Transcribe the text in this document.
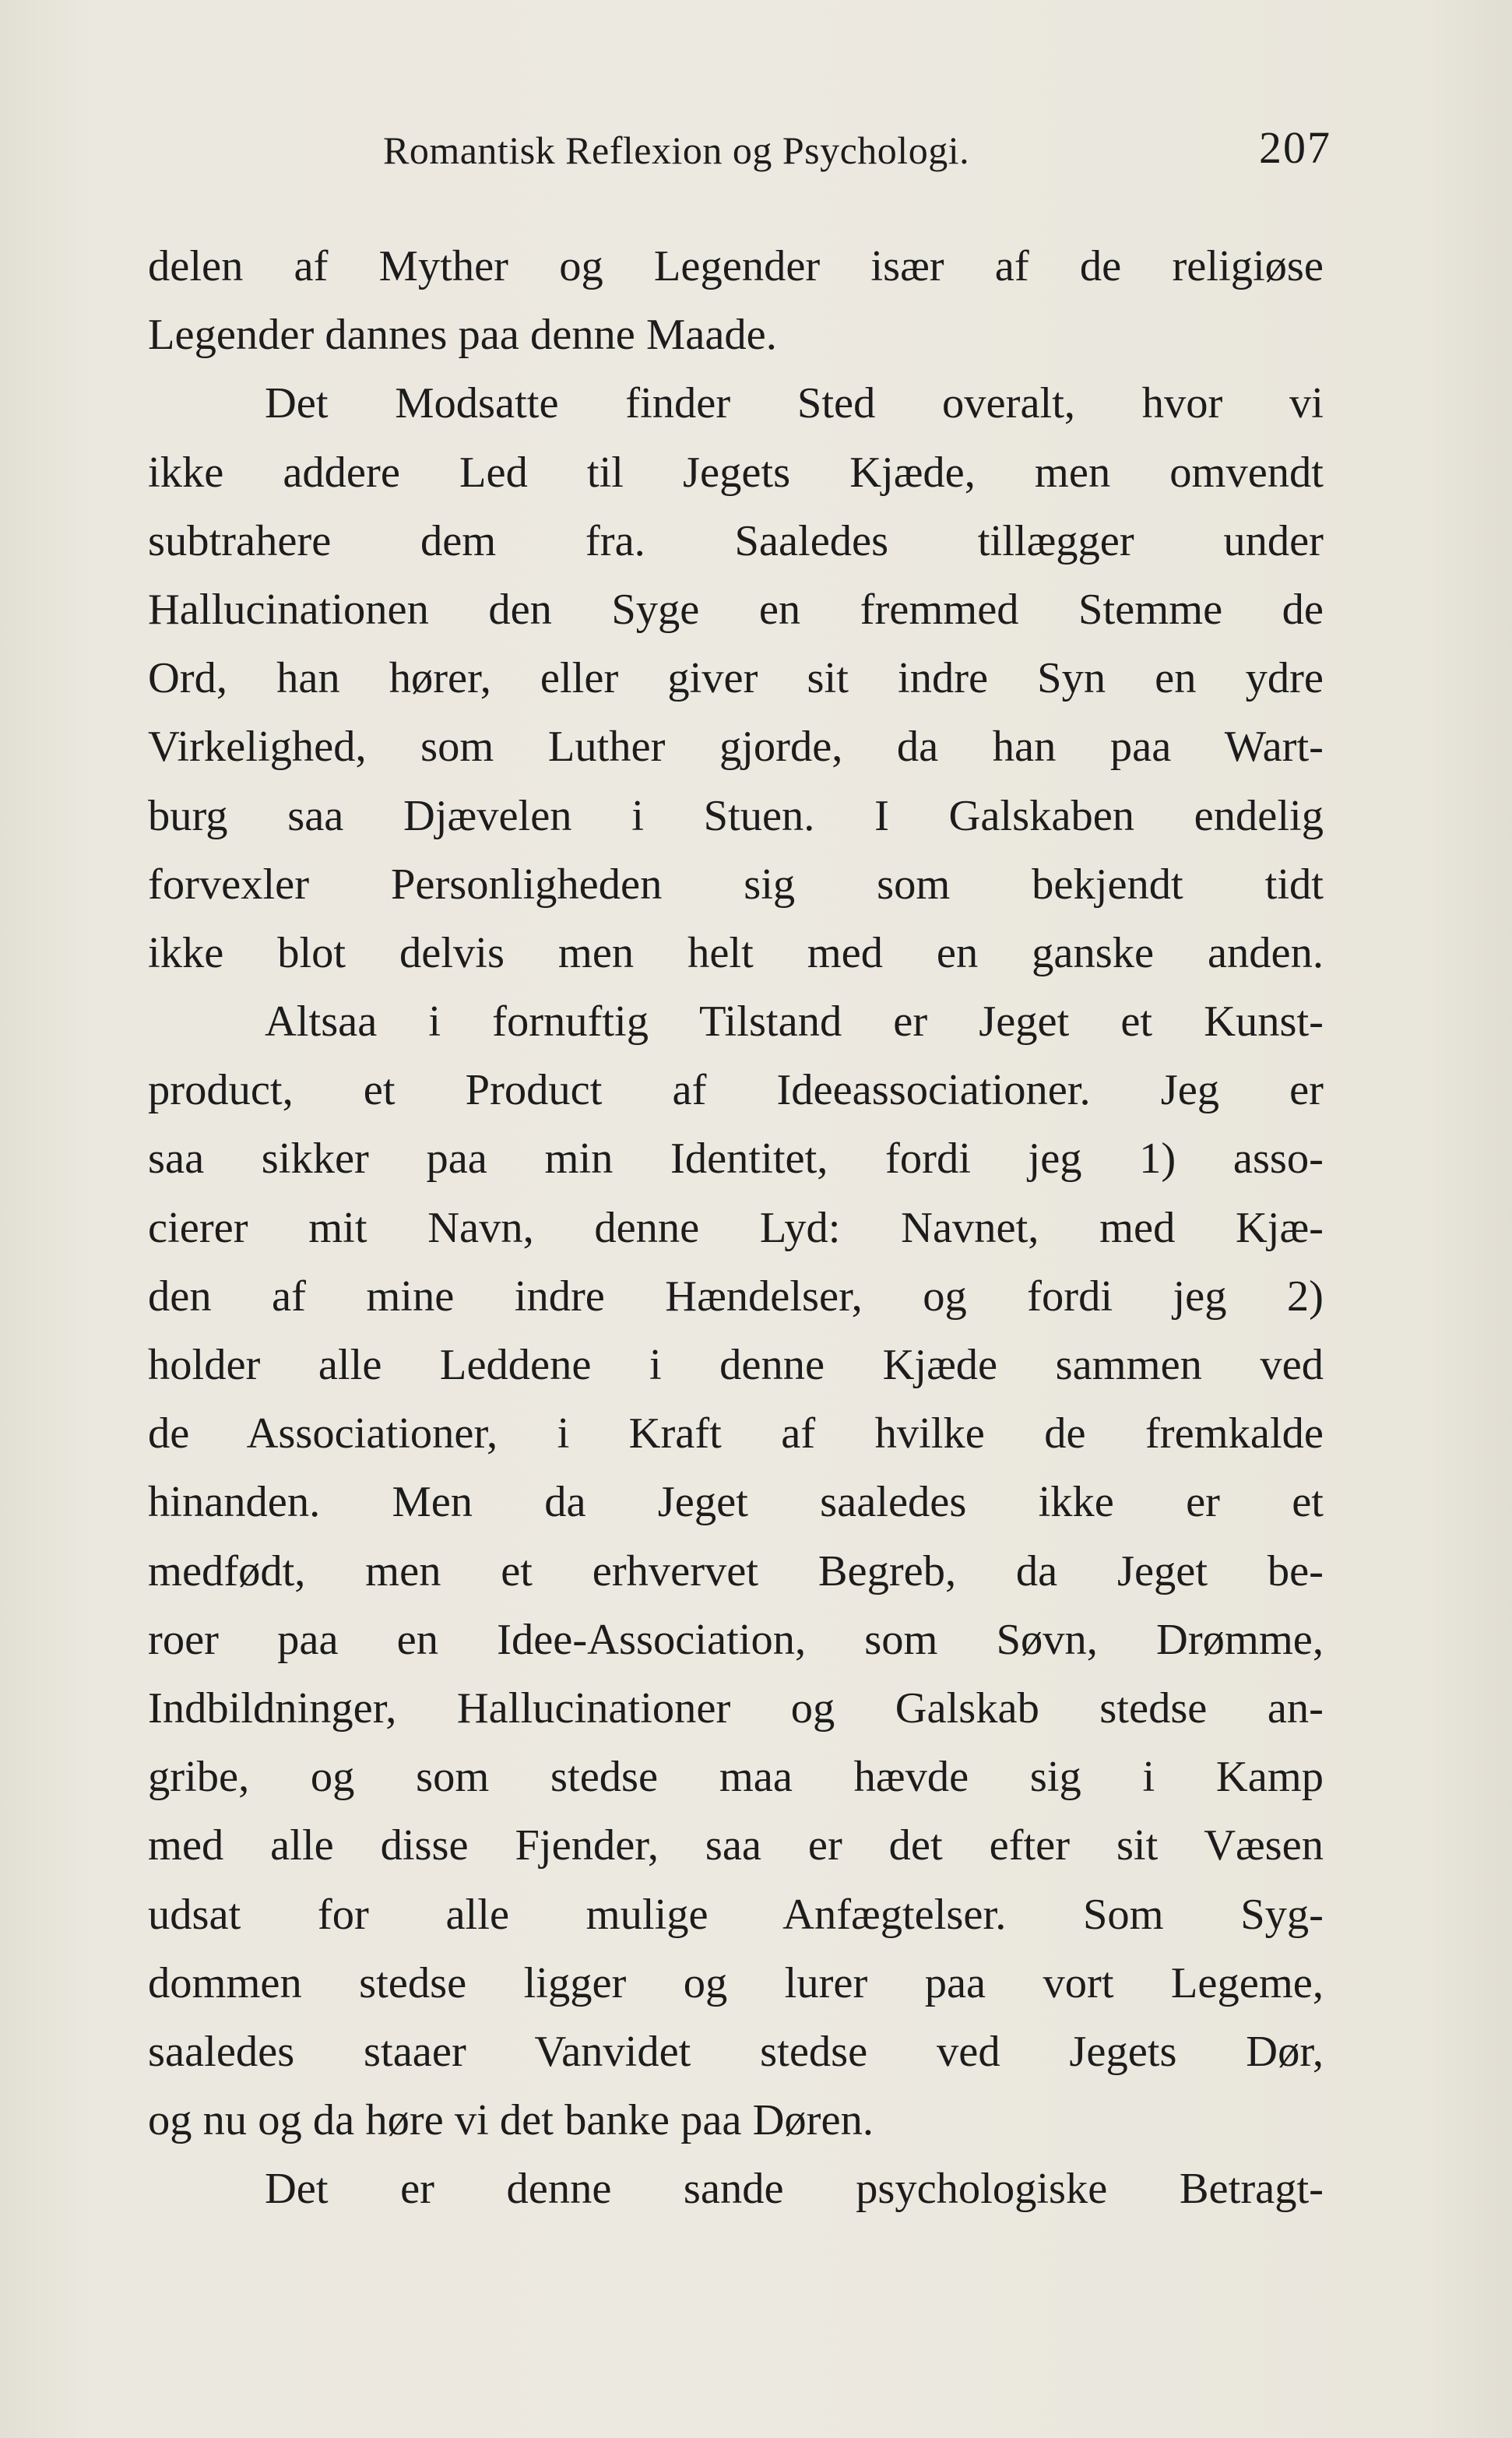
Romantisk Reflexion og Psychologi.	207
delen af Myther og Legender især af de religiøse
Legender dannes paa denne Maade.
Det Modsatte finder Sted overalt, hvor vi
ikke addere Led til Jegets Kjæde, men omvendt
subtrahere dem fra. Saaledes tillægger under
Hallucinationen den Syge en fremmed Stemme de
Ord, han hører, eller giver sit indre Syn en ydre
Virkelighed, som Luther gjorde, da han paa Wart-
burg saa Djævelen i Stuen. I Galskaben endelig
forvexler Personligheden sig som bekjendt tidt
ikke blot delvis men helt med en ganske anden.
Altsaa i fornuftig Tilstand er Jeget et Kunst-
product, et Product af Ideeassociationer. Jeg er
saa sikker paa min Identitet, fordi jeg 1) asso-
cierer mit Navn, denne Lyd: Navnet, med Kjæ-
den af mine indre Hændelser, og fordi jeg 2)
holder alle Leddene i denne Kjæde sammen ved
de Associationer, i Kraft af hvilke de fremkalde
hinanden. Men da Jeget saaledes ikke er et
medfødt, men et erhvervet Begreb, da Jeget be-
roer paa en Idee-Association, som Søvn, Drømme,
Indbildninger, Hallucinationer og Galskab stedse an-
gribe, og som stedse maa hævde sig i Kamp
med alle disse Fjender, saa er det efter sit Væsen
udsat for alle mulige Anfægtelser. Som Syg-
dommen stedse ligger og lurer paa vort Legeme,
saaledes staaer Vanvidet stedse ved Jegets Dør,
og nu og da høre vi det banke paa Døren.
Det er denne sande psychologiske Betragt-
